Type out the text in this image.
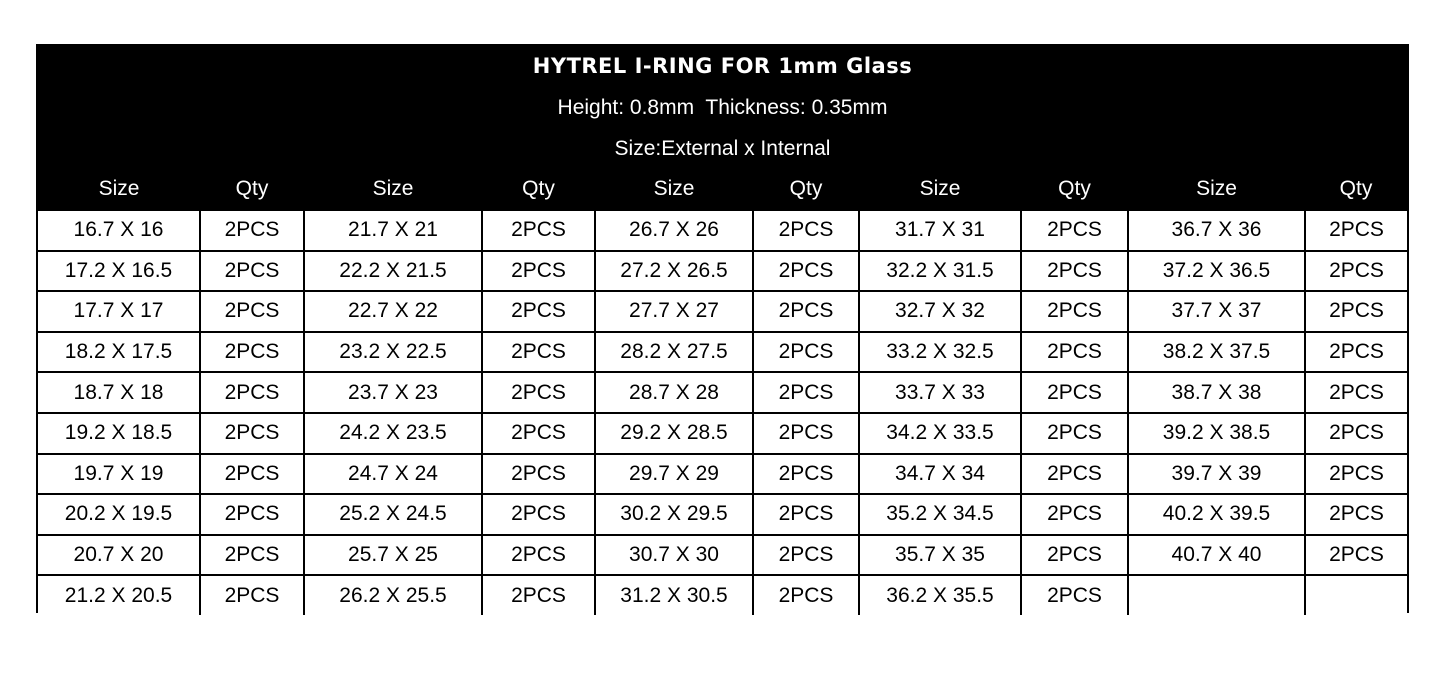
HYTREL I-RING FOR 1mm Glass
Height: 0.8mm  Thickness: 0.35mm
Size:External x Internal
Size	Qty	Size	Qty	Size	Qty	Size	Qty	Size	Qty
16.7 X 16	2PCS	21.7 X 21	2PCS	26.7 X 26	2PCS	31.7 X 31	2PCS	36.7 X 36	2PCS
17.2 X 16.5	2PCS	22.2 X 21.5	2PCS	27.2 X 26.5	2PCS	32.2 X 31.5	2PCS	37.2 X 36.5	2PCS
17.7 X 17	2PCS	22.7 X 22	2PCS	27.7 X 27	2PCS	32.7 X 32	2PCS	37.7 X 37	2PCS
18.2 X 17.5	2PCS	23.2 X 22.5	2PCS	28.2 X 27.5	2PCS	33.2 X 32.5	2PCS	38.2 X 37.5	2PCS
18.7 X 18	2PCS	23.7 X 23	2PCS	28.7 X 28	2PCS	33.7 X 33	2PCS	38.7 X 38	2PCS
19.2 X 18.5	2PCS	24.2 X 23.5	2PCS	29.2 X 28.5	2PCS	34.2 X 33.5	2PCS	39.2 X 38.5	2PCS
19.7 X 19	2PCS	24.7 X 24	2PCS	29.7 X 29	2PCS	34.7 X 34	2PCS	39.7 X 39	2PCS
20.2 X 19.5	2PCS	25.2 X 24.5	2PCS	30.2 X 29.5	2PCS	35.2 X 34.5	2PCS	40.2 X 39.5	2PCS
20.7 X 20	2PCS	25.7 X 25	2PCS	30.7 X 30	2PCS	35.7 X 35	2PCS	40.7 X 40	2PCS
21.2 X 20.5	2PCS	26.2 X 25.5	2PCS	31.2 X 30.5	2PCS	36.2 X 35.5	2PCS		
